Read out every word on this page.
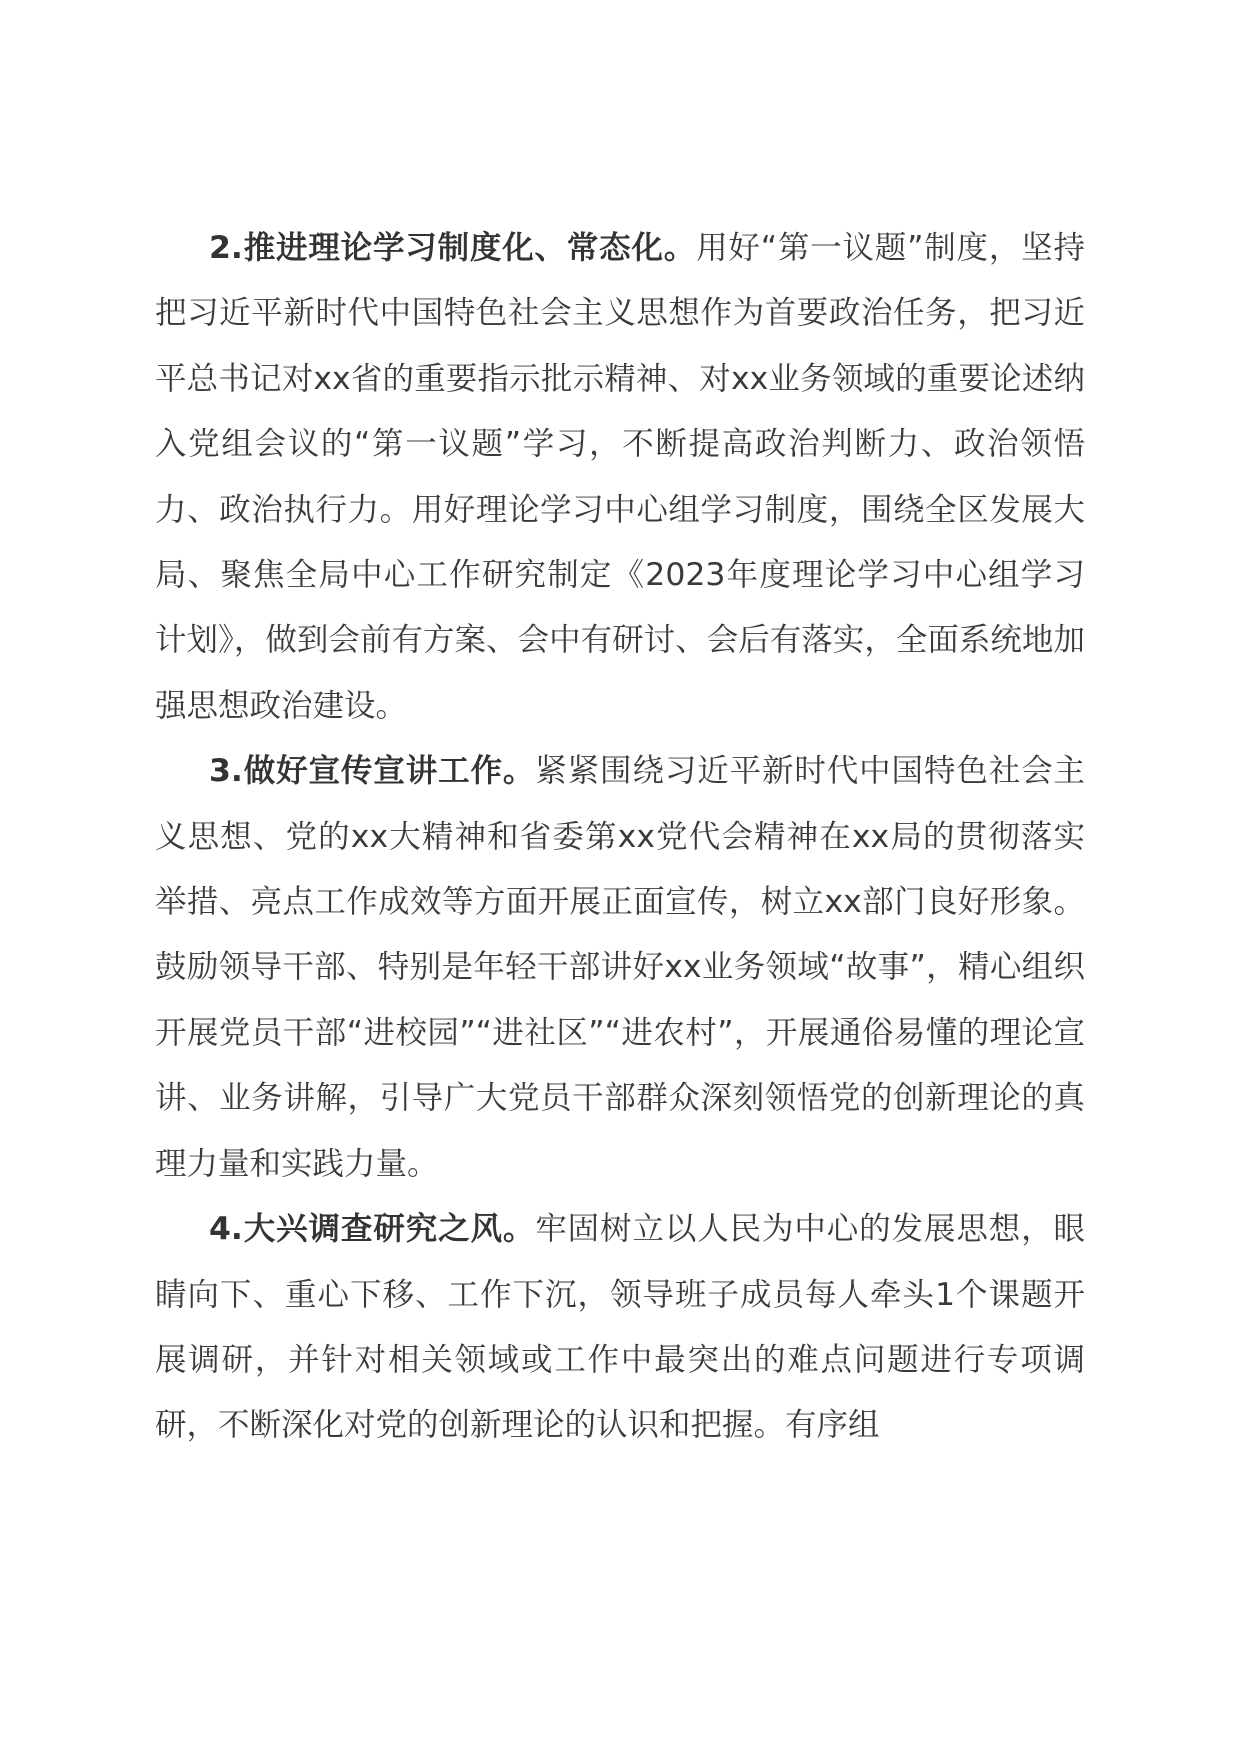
2.推进理论学习制度化、常态化。用好“第一议题”制度，坚持把习近平新时代中国特色社会主义思想作为首要政治任务，把习近平总书记对xx省的重要指示批示精神、对xx业务领域的重要论述纳入党组会议的“第一议题”学习，不断提高政治判断力、政治领悟力、政治执行力。用好理论学习中心组学习制度，围绕全区发展大局、聚焦全局中心工作研究制定《2023年度理论学习中心组学习计划》，做到会前有方案、会中有研讨、会后有落实，全面系统地加强思想政治建设。

3.做好宣传宣讲工作。紧紧围绕习近平新时代中国特色社会主义思想、党的xx大精神和省委第xx党代会精神在xx局的贯彻落实举措、亮点工作成效等方面开展正面宣传，树立xx部门良好形象。鼓励领导干部、特别是年轻干部讲好xx业务领域“故事”，精心组织开展党员干部“进校园”“进社区”“进农村”，开展通俗易懂的理论宣讲、业务讲解，引导广大党员干部群众深刻领悟党的创新理论的真理力量和实践力量。

4.大兴调查研究之风。牢固树立以人民为中心的发展思想，眼睛向下、重心下移、工作下沉，领导班子成员每人牵头1个课题开展调研，并针对相关领域或工作中最突出的难点问题进行专项调研，不断深化对党的创新理论的认识和把握。有序组
